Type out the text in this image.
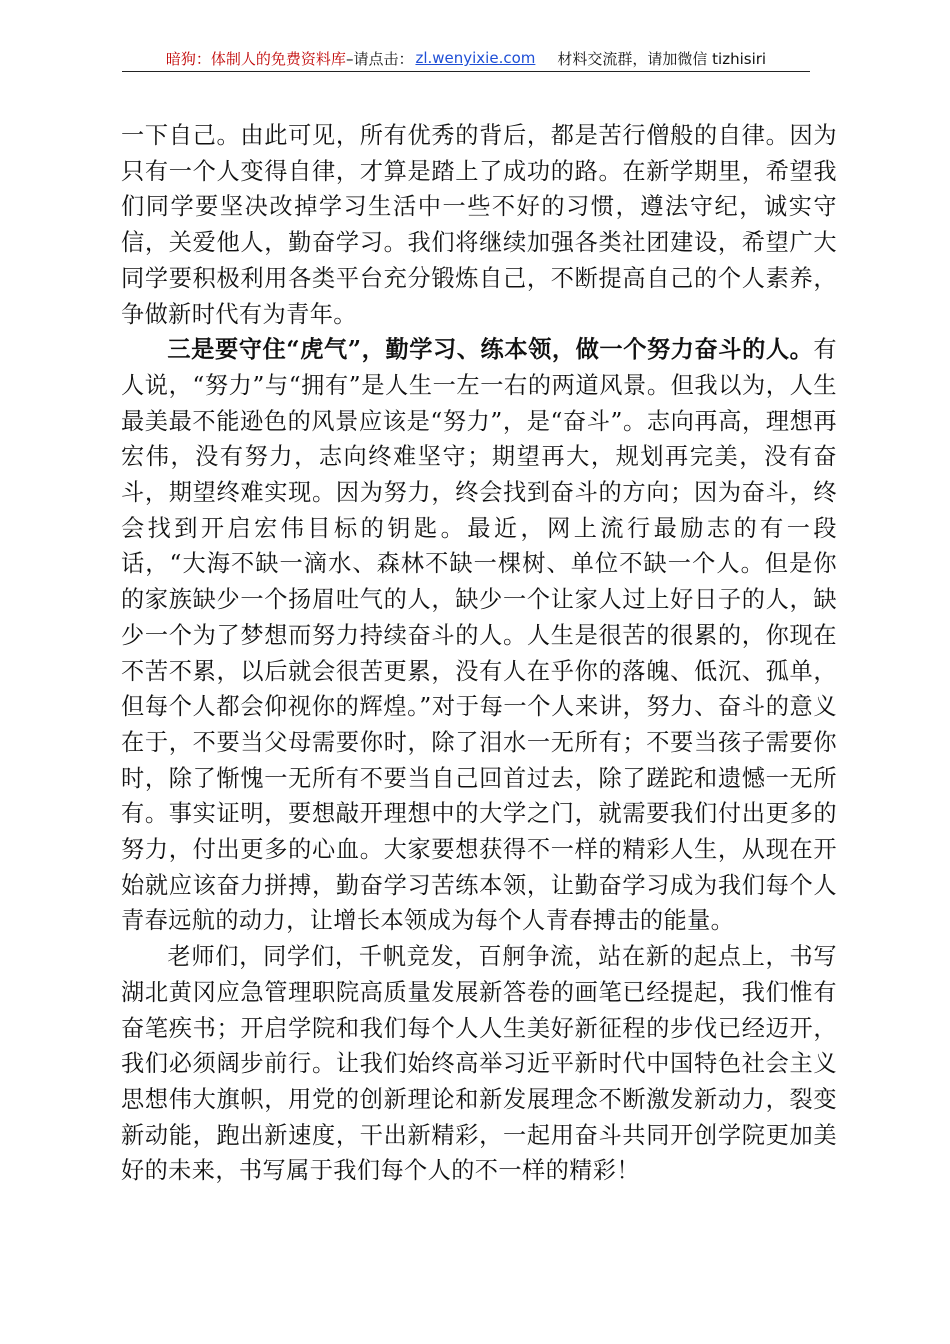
暗狗：体制人的免费资料库 –请点击： zl.wenyixie.com 材料交流群，请加微信 tizhisiri

一下自己。由此可见，所有优秀的背后，都是苦行僧般的自律。因为只有一个人变得自律，才算是踏上了成功的路。在新学期里，希望我们同学要坚决改掉学习生活中一些不好的习惯，遵法守纪，诚实守信，关爱他人，勤奋学习。我们将继续加强各类社团建设，希望广大同学要积极利用各类平台充分锻炼自己，不断提高自己的个人素养，争做新时代有为青年。

三是要守住“虎气”，勤学习、练本领，做一个努力奋斗的人。有人说，“努力”与“拥有”是人生一左一右的两道风景。但我以为，人生最美最不能逊色的风景应该是“努力”，是“奋斗”。志向再高，理想再宏伟，没有努力，志向终难坚守；期望再大，规划再完美，没有奋斗，期望终难实现。因为努力，终会找到奋斗的方向；因为奋斗，终会找到开启宏伟目标的钥匙。最近，网上流行最励志的有一段话，“大海不缺一滴水、森林不缺一棵树、单位不缺一个人。但是你的家族缺少一个扬眉吐气的人，缺少一个让家人过上好日子的人，缺少一个为了梦想而努力持续奋斗的人。人生是很苦的很累的，你现在不苦不累，以后就会很苦更累，没有人在乎你的落魄、低沉、孤单，但每个人都会仰视你的辉煌。”对于每一个人来讲，努力、奋斗的意义在于，不要当父母需要你时，除了泪水一无所有；不要当孩子需要你时，除了惭愧一无所有不要当自己回首过去，除了蹉跎和遗憾一无所有。事实证明，要想敲开理想中的大学之门，就需要我们付出更多的努力，付出更多的心血。大家要想获得不一样的精彩人生，从现在开始就应该奋力拼搏，勤奋学习苦练本领，让勤奋学习成为我们每个人青春远航的动力，让增长本领成为每个人青春搏击的能量。

老师们，同学们，千帆竞发，百舸争流，站在新的起点上，书写湖北黄冈应急管理职院高质量发展新答卷的画笔已经提起，我们惟有奋笔疾书；开启学院和我们每个人人生美好新征程的步伐已经迈开，我们必须阔步前行。让我们始终高举习近平新时代中国特色社会主义思想伟大旗帜，用党的创新理论和新发展理念不断激发新动力，裂变新动能，跑出新速度，干出新精彩，一起用奋斗共同开创学院更加美好的未来，书写属于我们每个人的不一样的精彩！
